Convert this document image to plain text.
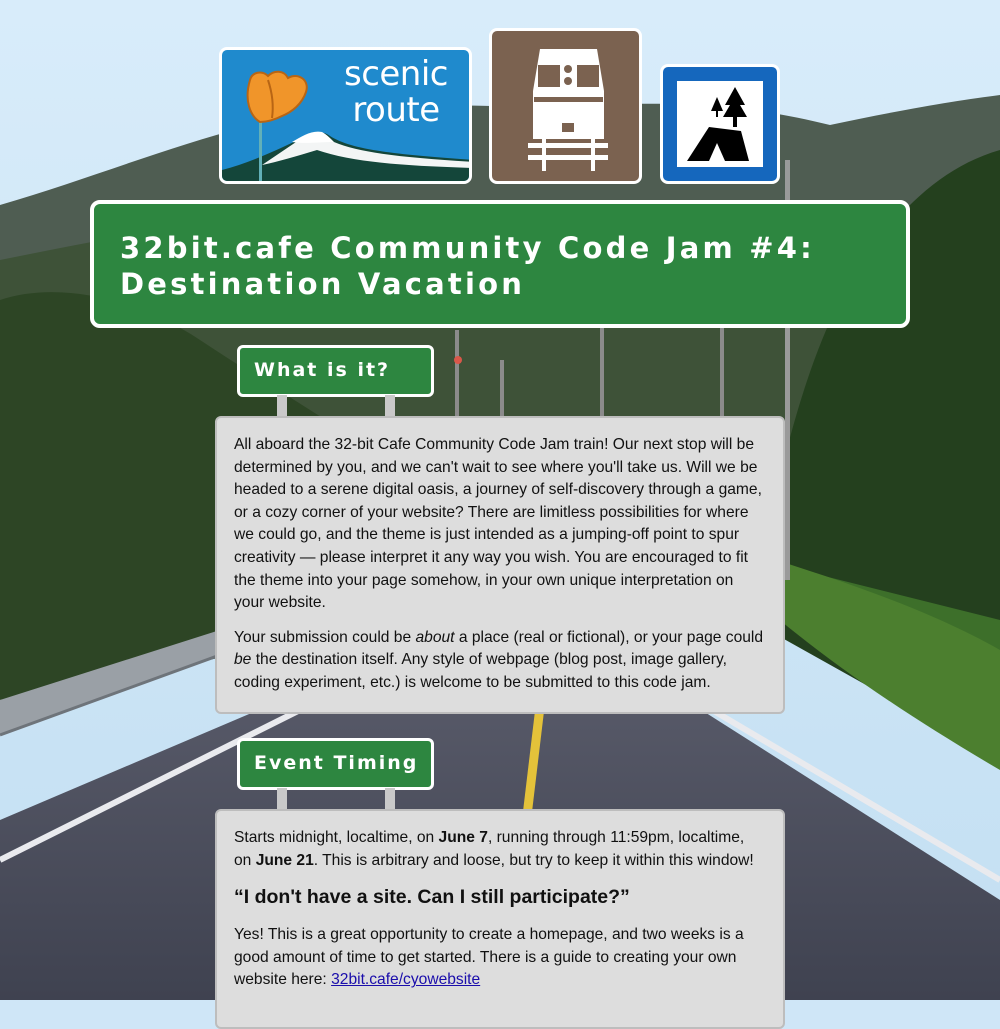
scenic
route
32bit.cafe Community Code Jam #4:
Destination Vacation
What is it?

All aboard the 32-bit Cafe Community Code Jam train! Our next stop will be determined by you, and we can't wait to see where you'll take us. Will we be headed to a serene digital oasis, a journey of self-discovery through a game, or a cozy corner of your website? There are limitless possibilities for where we could go, and the theme is just intended as a jumping-off point to spur creativity — please interpret it any way you wish. You are encouraged to fit the theme into your page somehow, in your own unique interpretation on your website.

Your submission could be about a place (real or fictional), or your page could be the destination itself. Any style of webpage (blog post, image gallery, coding experiment, etc.) is welcome to be submitted to this code jam.

Event Timing

Starts midnight, localtime, on June 7, running through 11:59pm, localtime, on June 21. This is arbitrary and loose, but try to keep it within this window!

“I don't have a site. Can I still participate?”

Yes! This is a great opportunity to create a homepage, and two weeks is a good amount of time to get started. There is a guide to creating your own website here: 32bit.cafe/cyowebsite
